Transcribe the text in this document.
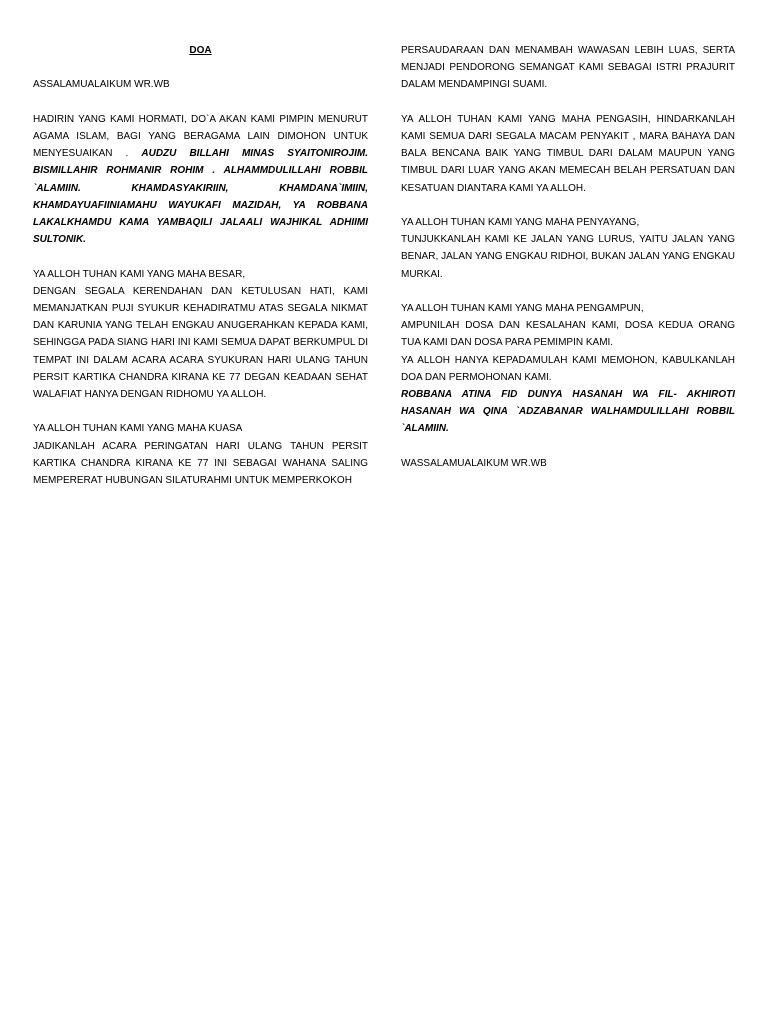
DOA

ASSALAMUALAIKUM WR.WB

HADIRIN YANG KAMI HORMATI, DO`A AKAN KAMI PIMPIN MENURUT AGAMA ISLAM, BAGI YANG BERAGAMA LAIN DIMOHON UNTUK MENYESUAIKAN . AUDZU BILLAHI MINAS SYAITONIROJIM. BISMILLAHIR ROHMANIR ROHIM . ALHAMMDULILLAHI ROBBIL `ALAMIIN. KHAMDASYAKIRIIN, KHAMDANA`IMIIN, KHAMDAYUAFIINIAMAHU WAYUKAFI MAZIDAH, YA ROBBANA LAKALKHAMDU KAMA YAMBAQILI JALAALI WAJHIKAL ADHIIMI SULTONIK.

YA ALLOH TUHAN KAMI YANG MAHA BESAR,

DENGAN SEGALA KERENDAHAN DAN KETULUSAN HATI, KAMI MEMANJATKAN PUJI SYUKUR KEHADIRATMU ATAS SEGALA NIKMAT DAN KARUNIA YANG TELAH ENGKAU ANUGERAHKAN KEPADA KAMI, SEHINGGA PADA SIANG HARI INI KAMI SEMUA DAPAT BERKUMPUL DI TEMPAT INI DALAM ACARA ACARA SYUKURAN HARI ULANG TAHUN PERSIT KARTIKA CHANDRA KIRANA KE 77 DEGAN KEADAAN SEHAT WALAFIAT HANYA DENGAN RIDHOMU YA ALLOH.

YA ALLOH TUHAN KAMI YANG MAHA KUASA

JADIKANLAH ACARA PERINGATAN HARI ULANG TAHUN PERSIT KARTIKA CHANDRA KIRANA KE 77 INI SEBAGAI WAHANA SALING MEMPERERAT HUBUNGAN SILATURAHMI UNTUK MEMPERKOKOH

PERSAUDARAAN DAN MENAMBAH WAWASAN LEBIH LUAS, SERTA MENJADI PENDORONG SEMANGAT KAMI SEBAGAI ISTRI PRAJURIT DALAM MENDAMPINGI SUAMI.

YA ALLOH TUHAN KAMI YANG MAHA PENGASIH, HINDARKANLAH KAMI SEMUA DARI SEGALA MACAM PENYAKIT , MARA BAHAYA DAN BALA BENCANA BAIK YANG TIMBUL DARI DALAM MAUPUN YANG TIMBUL DARI LUAR YANG AKAN MEMECAH BELAH PERSATUAN DAN KESATUAN DIANTARA KAMI YA ALLOH.

YA ALLOH TUHAN KAMI YANG MAHA PENYAYANG,

TUNJUKKANLAH KAMI KE JALAN YANG LURUS, YAITU JALAN YANG BENAR, JALAN YANG ENGKAU RIDHOI, BUKAN JALAN YANG ENGKAU MURKAI.

YA ALLOH TUHAN KAMI YANG MAHA PENGAMPUN,

AMPUNILAH DOSA DAN KESALAHAN KAMI, DOSA KEDUA ORANG TUA KAMI DAN DOSA PARA PEMIMPIN KAMI.

YA ALLOH HANYA KEPADAMULAH KAMI MEMOHON, KABULKANLAH DOA DAN PERMOHONAN KAMI.

ROBBANA ATINA FID DUNYA HASANAH WA FIL- AKHIROTI HASANAH WA QINA `ADZABANAR WALHAMDULILLAHI ROBBIL `ALAMIIN.

WASSALAMUALAIKUM WR.WB
